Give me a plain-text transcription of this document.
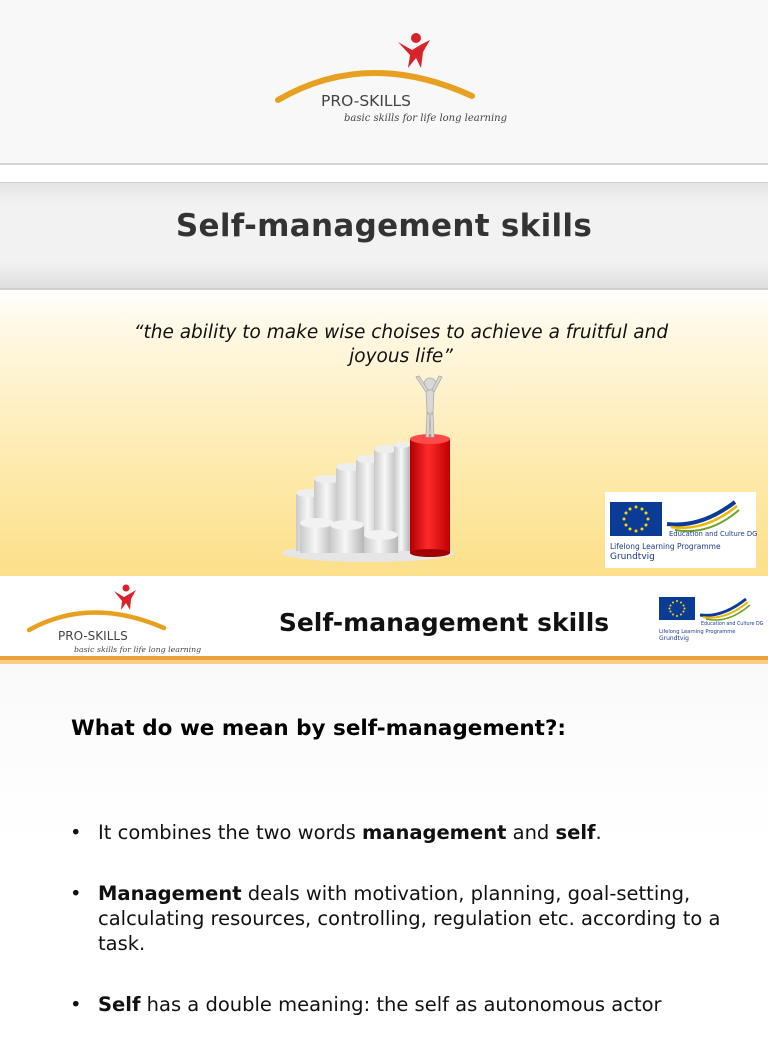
PRO-SKILLS
basic skills for life long learning
Self-management skills
“the ability to make wise choises to achieve a fruitful and joyous life”
Education and Culture DG
Lifelong Learning Programme
Grundtvig
PRO-SKILLS
basic skills for life long learning
Self-management skills	Education and Culture DG
Lifelong Learning Programme
Grundtvig
What do we mean by self-management?:
• It combines the two words management and self.
• Management deals with motivation, planning, goal-setting, calculating resources, controlling, regulation etc. according to a task.
• Self has a double meaning: the self as autonomous actor
